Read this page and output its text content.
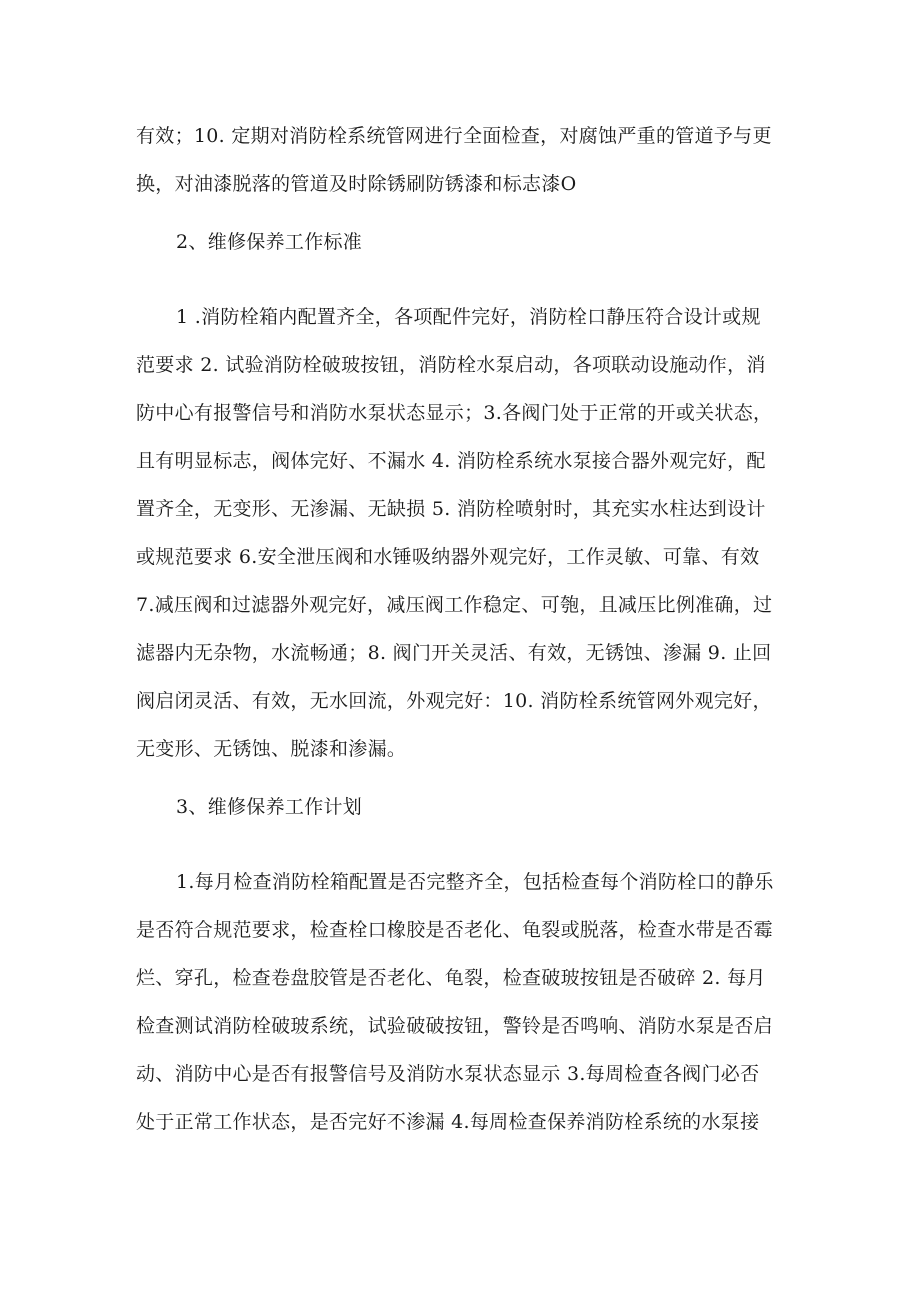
有效；10. 定期对消防栓系统管网进行全面检查，对腐蚀严重的管道予与更
换，对油漆脱落的管道及时除锈刷防锈漆和标志漆O
2、维修保养工作标准
1 .消防栓箱内配置齐全，各项配件完好，消防栓口静压符合设计或规
范要求 2. 试验消防栓破玻按钮，消防栓水泵启动，各项联动设施动作，消
防中心有报警信号和消防水泵状态显示；3.各阀门处于正常的开或关状态，
且有明显标志，阀体完好、不漏水 4. 消防栓系统水泵接合器外观完好，配
置齐全，无变形、无渗漏、无缺损 5. 消防栓喷射时，其充实水柱达到设计
或规范要求 6.安全泄压阀和水锤吸纳器外观完好，工作灵敏、可靠、有效
7.减压阀和过滤器外观完好，减压阀工作稳定、可匏，且减压比例准确，过
滤器内无杂物，水流畅通；8. 阀门开关灵活、有效，无锈蚀、渗漏 9. 止回
阀启闭灵活、有效，无水回流，外观完好：10. 消防栓系统管网外观完好，
无变形、无锈蚀、脱漆和渗漏。
3、维修保养工作计划
1.每月检查消防栓箱配置是否完整齐全，包括检查每个消防栓口的静乐
是否符合规范要求，检查栓口橡胶是否老化、龟裂或脱落，检查水带是否霉
烂、穿孔，检查卷盘胶管是否老化、龟裂，检查破玻按钮是否破碎 2. 每月
检查测试消防栓破玻系统，试验破破按钮，警铃是否鸣响、消防水泵是否启
动、消防中心是否有报警信号及消防水泵状态显示 3.每周检查各阀门必否
处于正常工作状态，是否完好不渗漏 4.每周检查保养消防栓系统的水泵接
